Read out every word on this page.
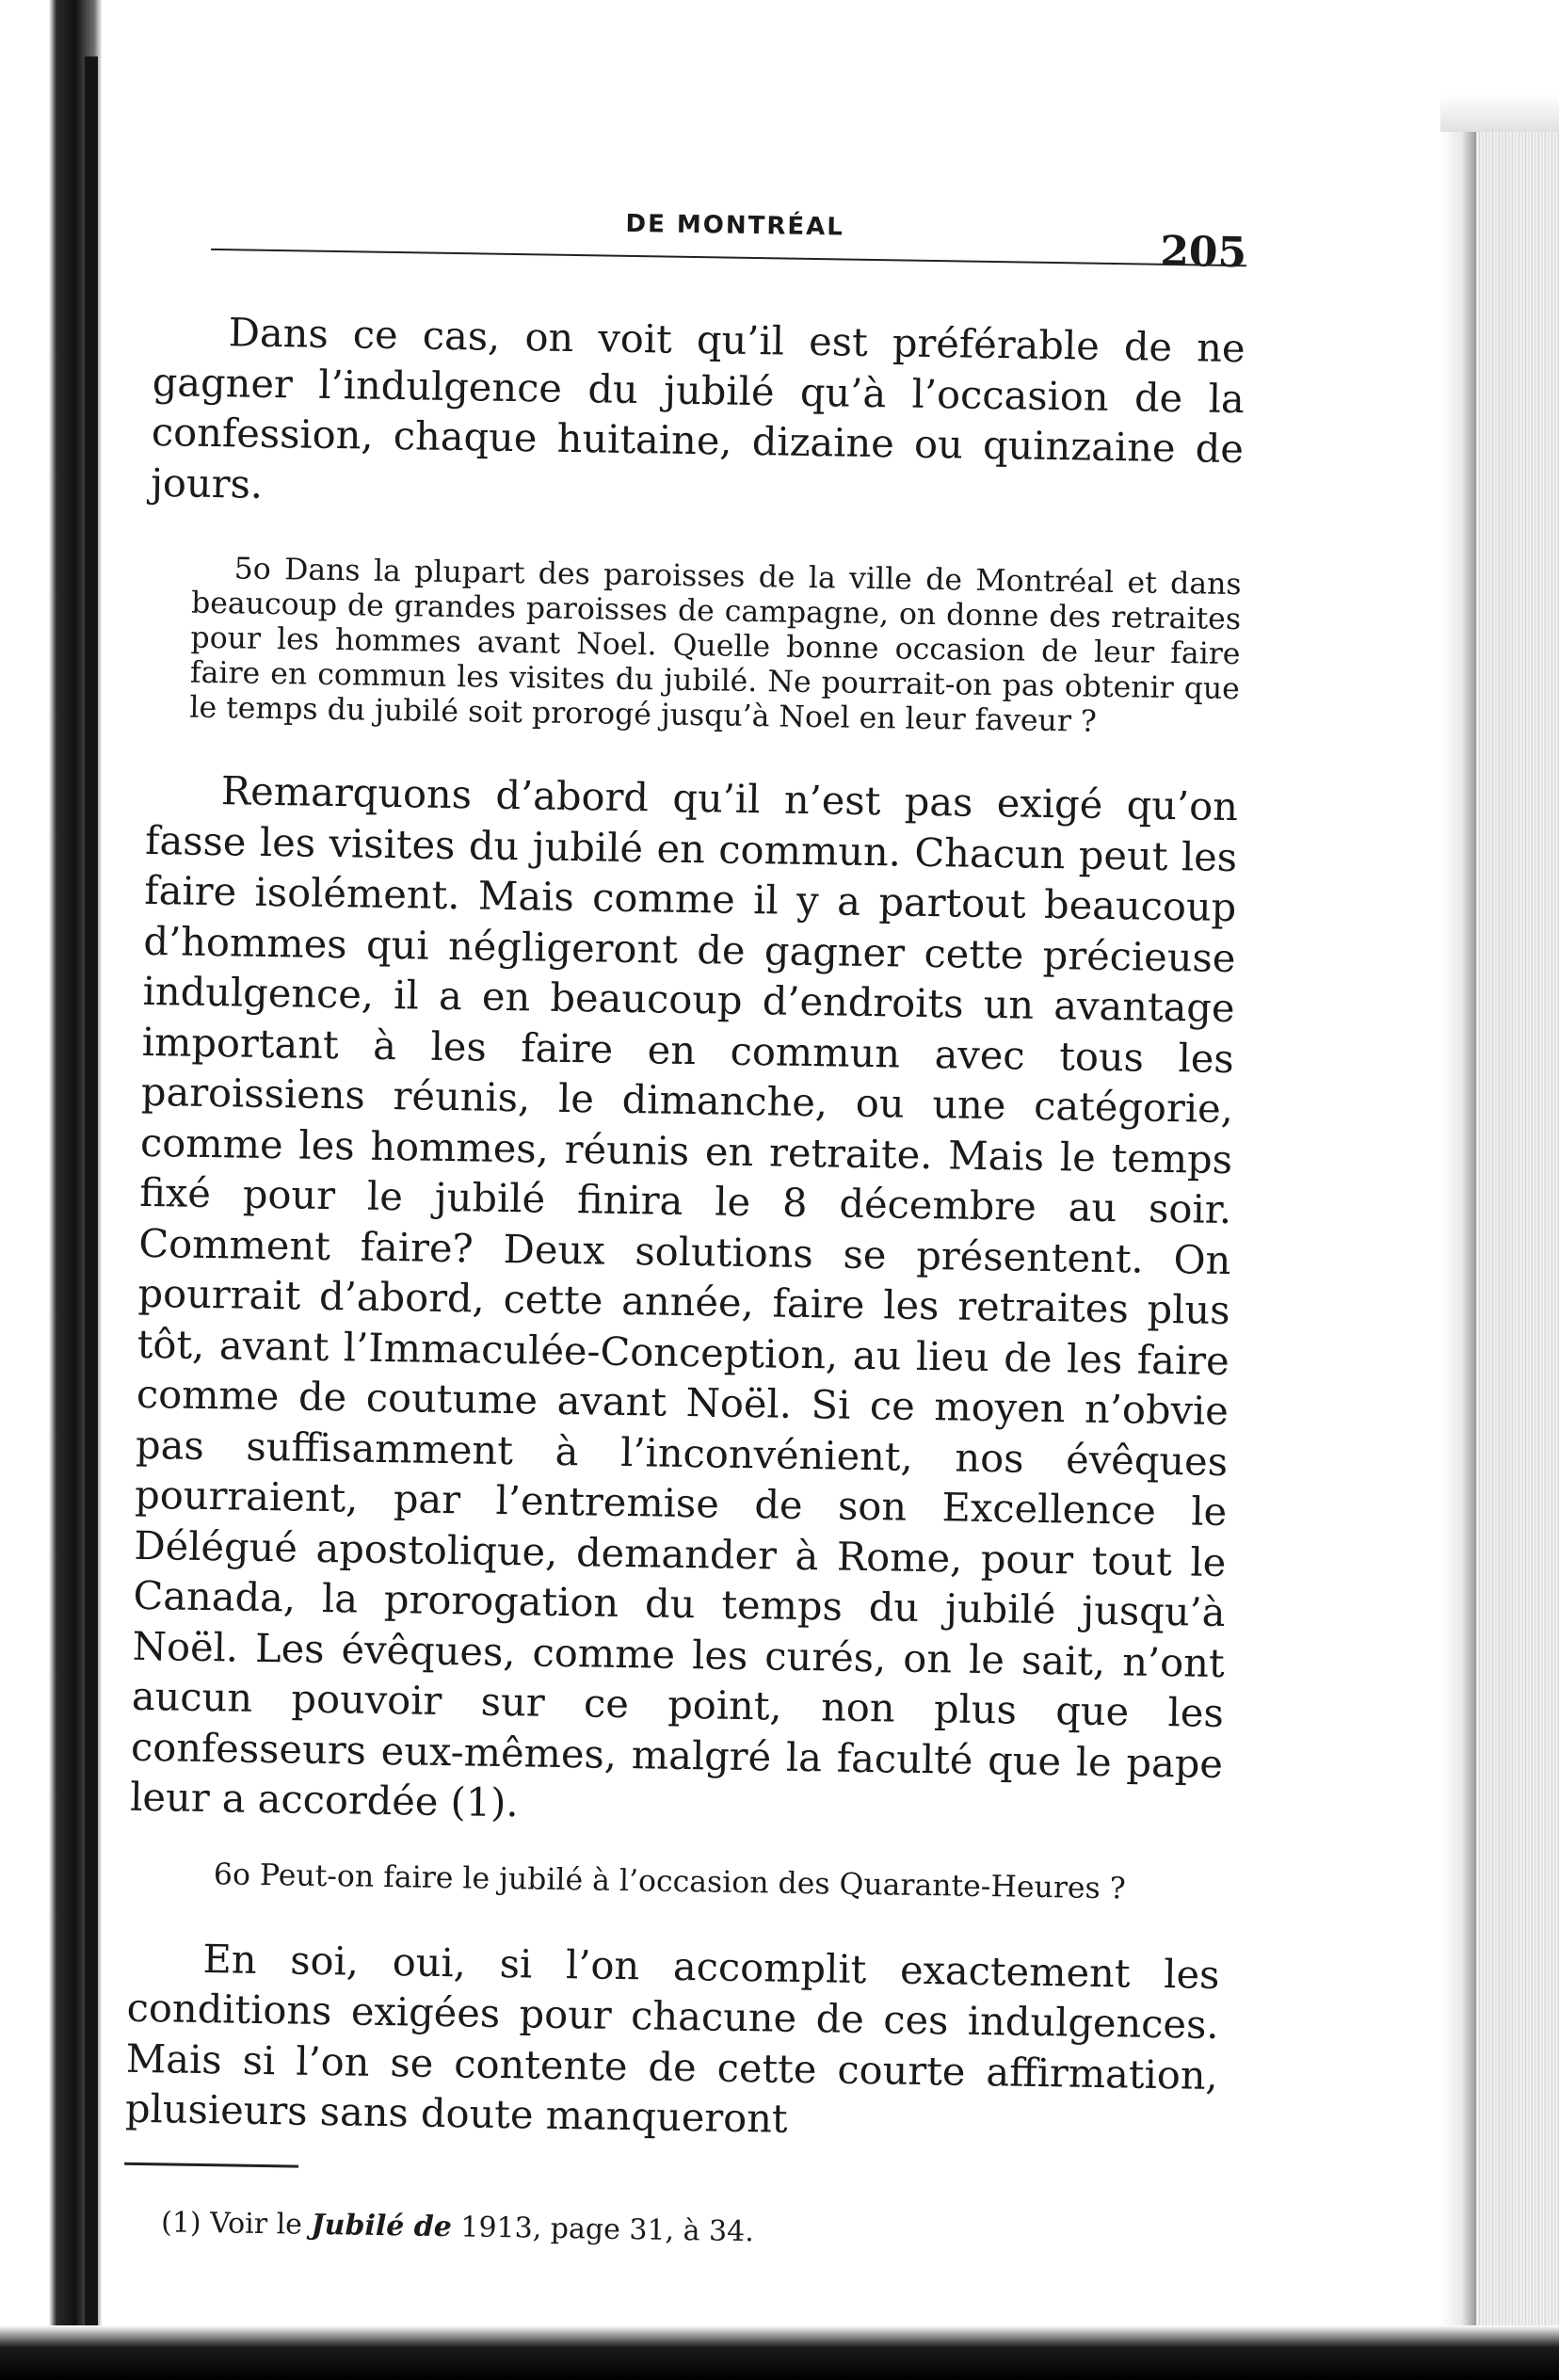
DE MONTRÉAL
205

Dans ce cas, on voit qu’il est préférable de ne gagner l’indulgence du jubilé qu’à l’occasion de la confession, chaque huitaine, dizaine ou quinzaine de jours.

5o Dans la plupart des paroisses de la ville de Montréal et dans beaucoup de grandes paroisses de campagne, on donne des retraites pour les hommes avant Noel. Quelle bonne occasion de leur faire faire en commun les visites du jubilé. Ne pourrait-on pas obtenir que le temps du jubilé soit prorogé jusqu’à Noel en leur faveur ?

Remarquons d’abord qu’il n’est pas exigé qu’on fasse les visites du jubilé en commun. Chacun peut les faire isolément. Mais comme il y a partout beaucoup d’hommes qui négligeront de gagner cette précieuse indulgence, il a en beaucoup d’endroits un avantage important à les faire en commun avec tous les paroissiens réunis, le dimanche, ou une catégorie, comme les hommes, réunis en retraite. Mais le temps fixé pour le jubilé finira le 8 décembre au soir. Comment faire? Deux solutions se présentent. On pourrait d’abord, cette année, faire les retraites plus tôt, avant l’Immaculée-Conception, au lieu de les faire comme de coutume avant Noël. Si ce moyen n’obvie pas suffisamment à l’inconvénient, nos évêques pourraient, par l’entremise de son Excellence le Délégué apostolique, demander à Rome, pour tout le Canada, la prorogation du temps du jubilé jusqu’à Noël. Les évêques, comme les curés, on le sait, n’ont aucun pouvoir sur ce point, non plus que les confesseurs eux-mêmes, malgré la faculté que le pape leur a accordée (1).

6o Peut-on faire le jubilé à l’occasion des Quarante-Heures ?

En soi, oui, si l’on accomplit exactement les conditions exigées pour chacune de ces indulgences. Mais si l’on se contente de cette courte affirmation, plusieurs sans doute manqueront

(1) Voir le Jubilé de 1913, page 31, à 34.
